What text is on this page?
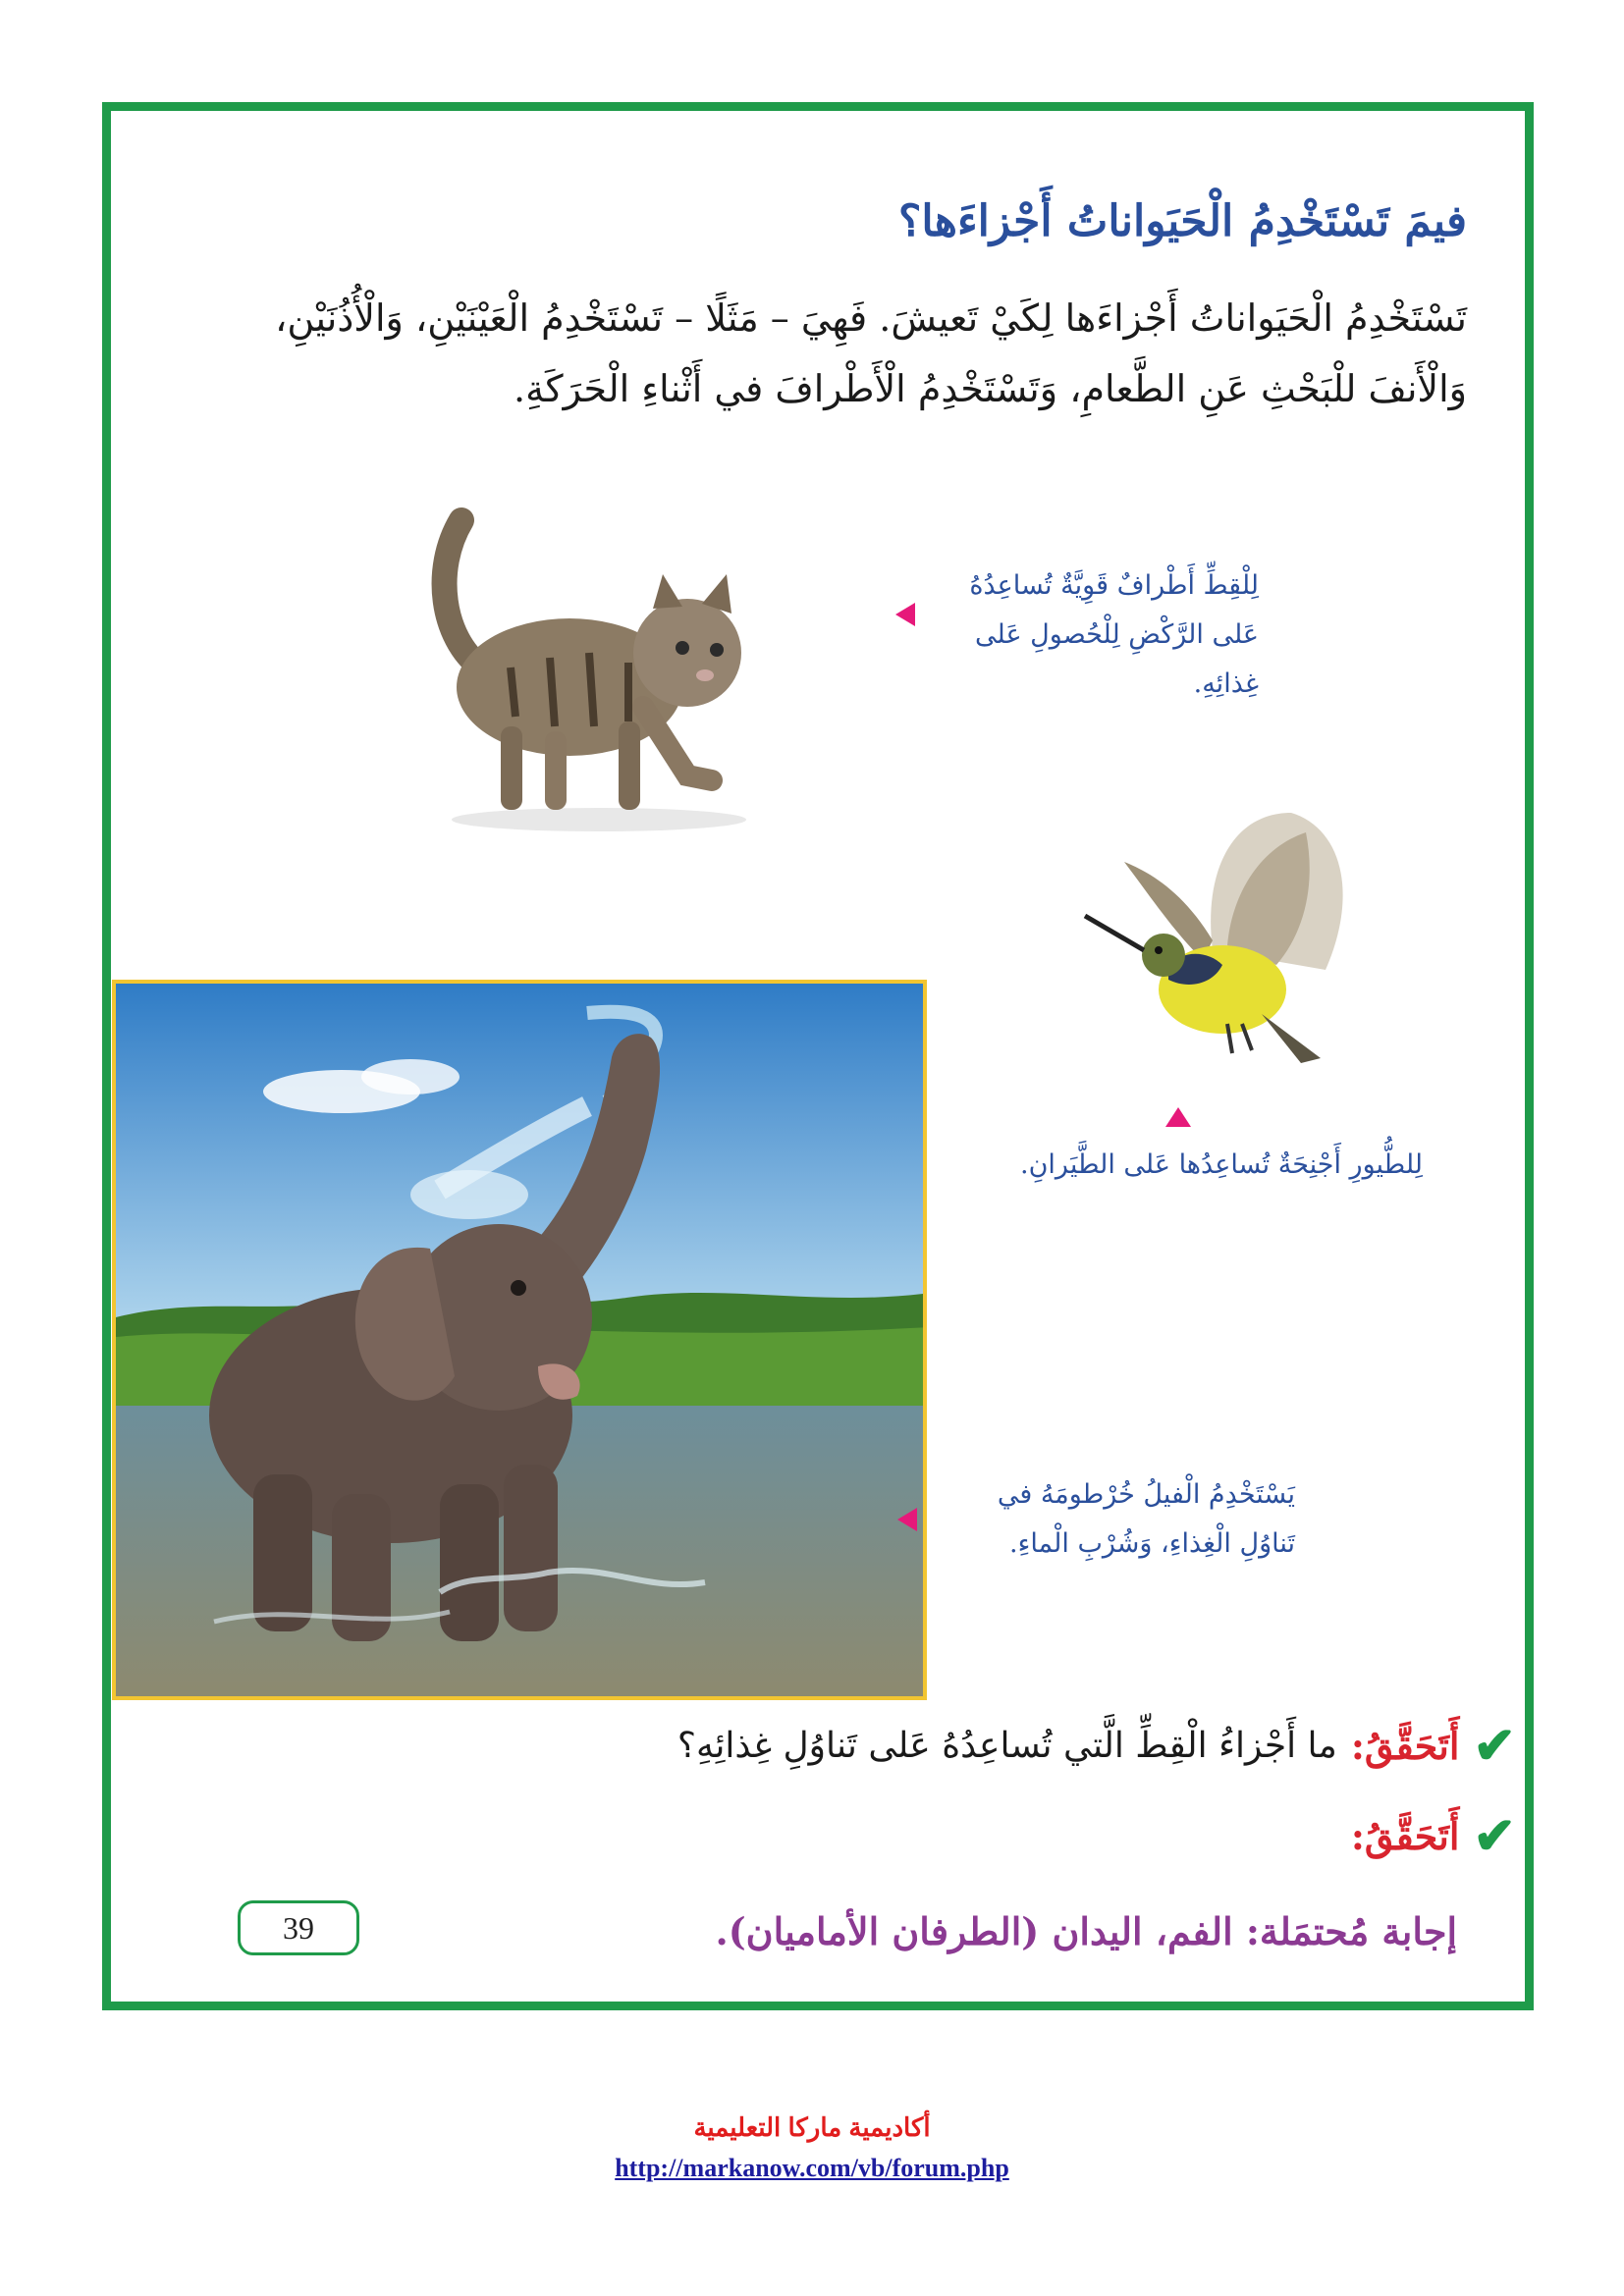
فيمَ تَسْتَخْدِمُ الْحَيَواناتُ أَجْزاءَها؟
تَسْتَخْدِمُ الْحَيَواناتُ أَجْزاءَها لِكَيْ تَعيشَ. فَهِيَ – مَثَلًا – تَسْتَخْدِمُ الْعَيْنَيْنِ، وَالْأُذُنَيْنِ، وَالْأَنفَ للْبَحْثِ عَنِ الطَّعامِ، وَتَسْتَخْدِمُ الْأَطْرافَ في أَثْناءِ الْحَرَكَةِ.
لِلْقِطِّ أَطْرافٌ قَوِيَّةٌ تُساعِدُهُ عَلى الرَّكْضِ لِلْحُصولِ عَلى غِذائِهِ.
لِلطُّيورِ أَجْنِحَةٌ تُساعِدُها عَلى الطَّيَرانِ.
يَسْتَخْدِمُ الْفيلُ خُرْطومَهُ في تَناوُلِ الْغِذاءِ، وَشُرْبِ الْماءِ.
✔
أَتَحَقَّقُ:
ما أَجْزاءُ الْقِطِّ الَّتي تُساعِدُهُ عَلى تَناوُلِ غِذائِهِ؟
✔
أَتَحَقَّقُ:
إجابة مُحتمَلة: الفم، اليدان (الطرفان الأماميان).
39
أكاديمية ماركا التعليمية
http://markanow.com/vb/forum.php
